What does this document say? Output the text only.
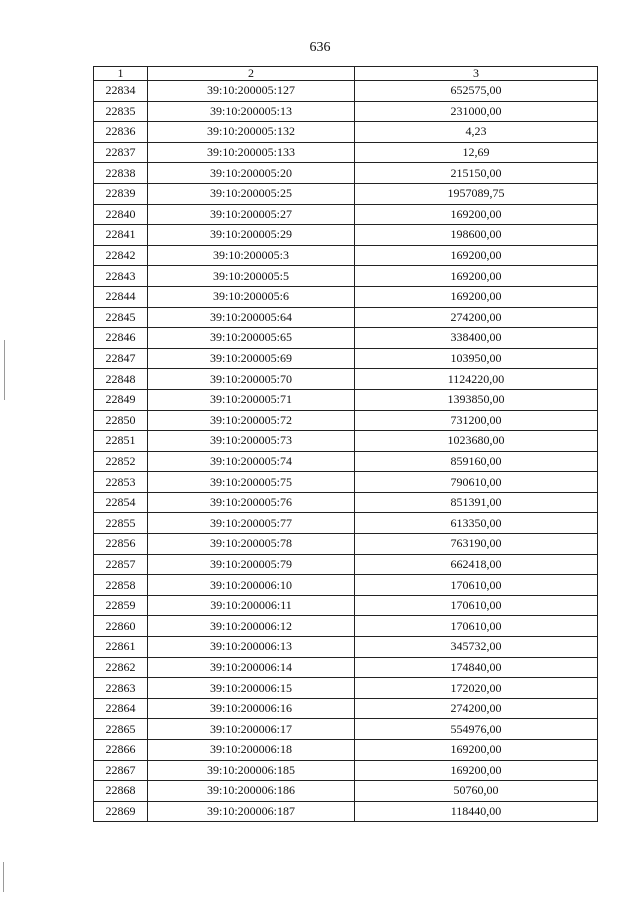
636
1	2	3
22834	39:10:200005:127	652575,00
22835	39:10:200005:13	231000,00
22836	39:10:200005:132	4,23
22837	39:10:200005:133	12,69
22838	39:10:200005:20	215150,00
22839	39:10:200005:25	1957089,75
22840	39:10:200005:27	169200,00
22841	39:10:200005:29	198600,00
22842	39:10:200005:3	169200,00
22843	39:10:200005:5	169200,00
22844	39:10:200005:6	169200,00
22845	39:10:200005:64	274200,00
22846	39:10:200005:65	338400,00
22847	39:10:200005:69	103950,00
22848	39:10:200005:70	1124220,00
22849	39:10:200005:71	1393850,00
22850	39:10:200005:72	731200,00
22851	39:10:200005:73	1023680,00
22852	39:10:200005:74	859160,00
22853	39:10:200005:75	790610,00
22854	39:10:200005:76	851391,00
22855	39:10:200005:77	613350,00
22856	39:10:200005:78	763190,00
22857	39:10:200005:79	662418,00
22858	39:10:200006:10	170610,00
22859	39:10:200006:11	170610,00
22860	39:10:200006:12	170610,00
22861	39:10:200006:13	345732,00
22862	39:10:200006:14	174840,00
22863	39:10:200006:15	172020,00
22864	39:10:200006:16	274200,00
22865	39:10:200006:17	554976,00
22866	39:10:200006:18	169200,00
22867	39:10:200006:185	169200,00
22868	39:10:200006:186	50760,00
22869	39:10:200006:187	118440,00
